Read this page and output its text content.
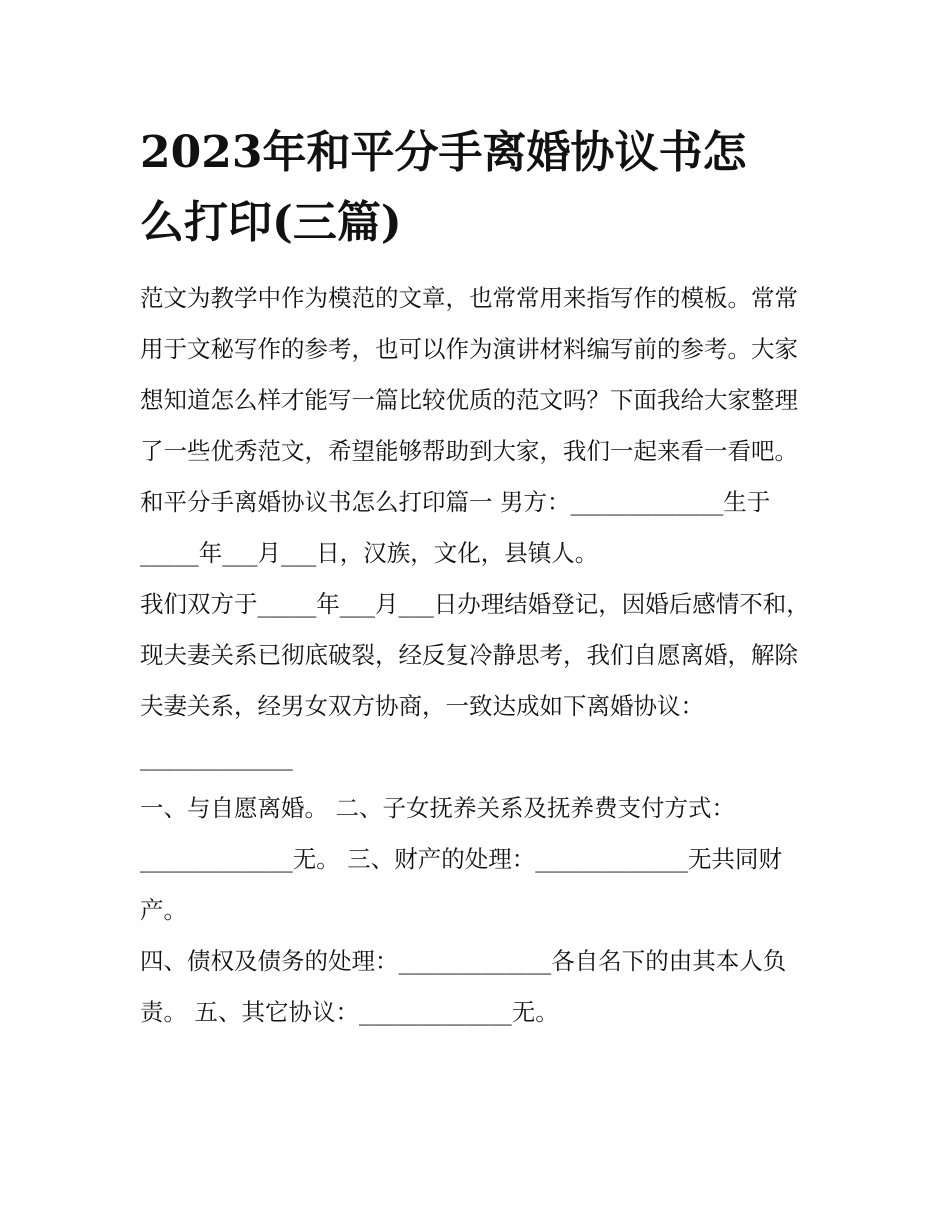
2023年和平分手离婚协议书怎
么打印(三篇)

范文为教学中作为模范的文章，也常常用来指写作的模板。常常用于文秘写作的参考，也可以作为演讲材料编写前的参考。大家想知道怎么样才能写一篇比较优质的范文吗？下面我给大家整理了一些优秀范文，希望能够帮助到大家，我们一起来看一看吧。

和平分手离婚协议书怎么打印篇一 男方：_____________生于_____年___月___日，汉族，文化，县镇人。

我们双方于_____年___月___日办理结婚登记，因婚后感情不和，现夫妻关系已彻底破裂，经反复冷静思考，我们自愿离婚，解除夫妻关系，经男女双方协商，一致达成如下离婚协议：_____________

一、与自愿离婚。 二、子女抚养关系及抚养费支付方式：_____________无。 三、财产的处理：_____________无共同财产。

四、债权及债务的处理：_____________各自名下的由其本人负责。 五、其它协议：_____________无。
